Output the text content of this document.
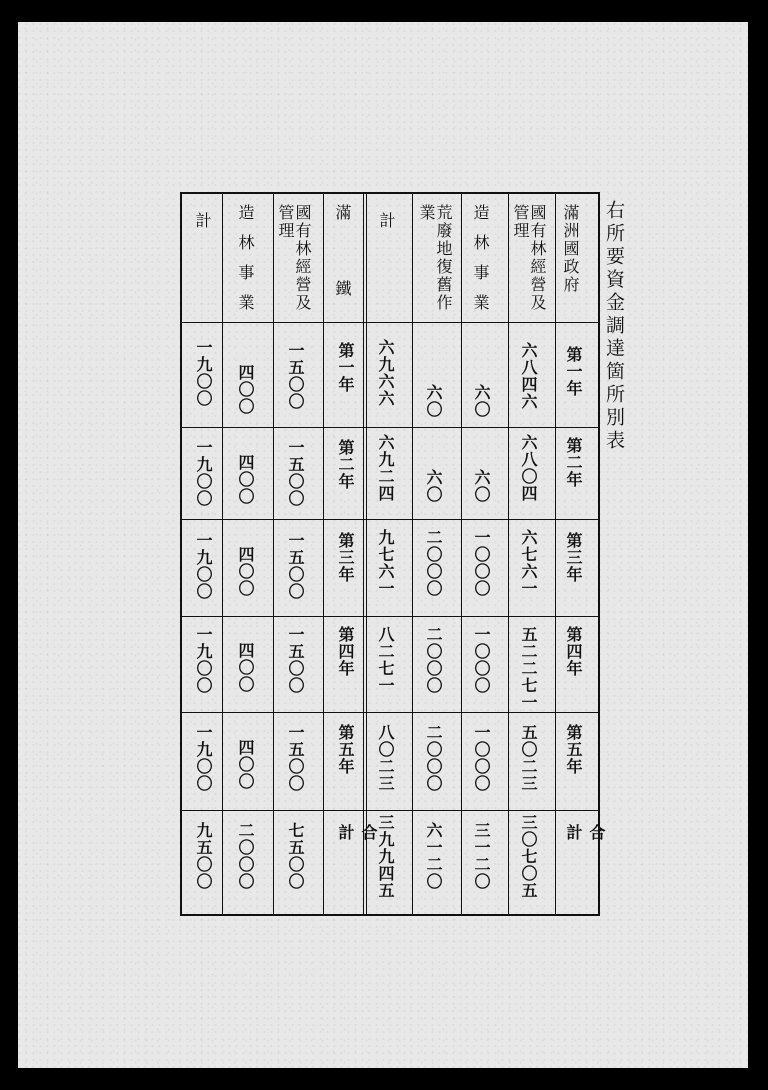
右所要資金調達箇所別表
滿洲國政府
國有林經營及管理
造林事業
荒廢地復舊作業
計
滿鐵
國有林經營及管理
造林事業
計
第一年
六八四六
六〇
六〇
六九六六
第一年
一五〇〇
四〇〇
一九〇〇
第二年
六八〇四
六〇
六〇
六九二四
第二年
一五〇〇
四〇〇
一九〇〇
第三年
六七六一
一〇〇〇
二〇〇〇
九七六一
第三年
一五〇〇
四〇〇
一九〇〇
第四年
五二二七一
一〇〇〇
二〇〇〇
八二七一
第四年
一五〇〇
四〇〇
一九〇〇
第五年
五〇二三
一〇〇〇
二〇〇〇
八〇二三
第五年
一五〇〇
四〇〇
一九〇〇
合計
三〇七〇五
三一二〇
六一二〇
三九九四五
合計
七五〇〇
二〇〇〇
九五〇〇
